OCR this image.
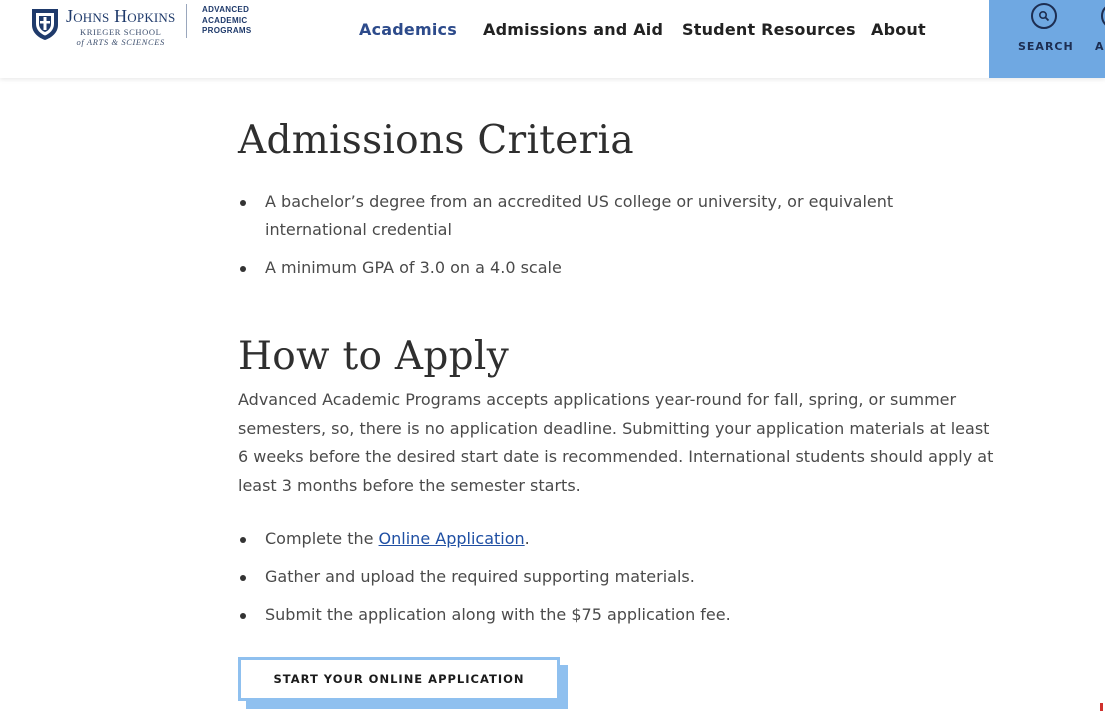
Johns Hopkins
KRIEGER SCHOOL
of ARTS & SCIENCES
ADVANCED
ACADEMIC
PROGRAMS	Academics Admissions and Aid Student Resources About
SEARCH A
Admissions Criteria
A bachelor’s degree from an accredited US college or university, or equivalent international credential
A minimum GPA of 3.0 on a 4.0 scale
How to Apply

Advanced Academic Programs accepts applications year-round for fall, spring, or summer semesters, so, there is no application deadline. Submitting your application materials at least 6 weeks before the desired start date is recommended. International students should apply at least 3 months before the semester starts.

Complete the Online Application.
Gather and upload the required supporting materials.
Submit the application along with the $75 application fee.
START YOUR ONLINE APPLICATION
